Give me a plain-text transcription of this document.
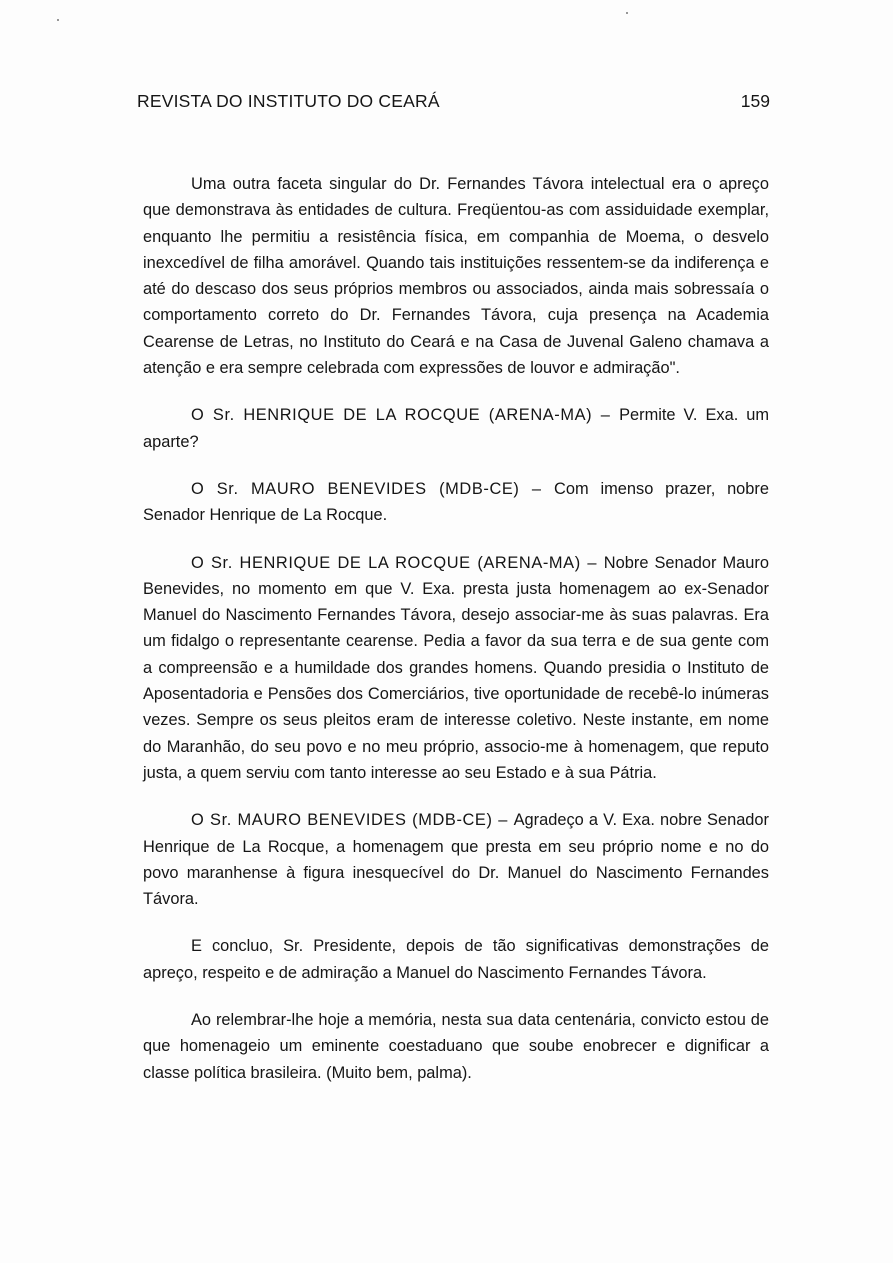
REVISTA DO INSTITUTO DO CEARÁ	159

Uma outra faceta singular do Dr. Fernandes Távora intelectual era o apreço que demonstrava às entidades de cultura. Freqüentou-as com assiduidade exemplar, enquanto lhe permitiu a resistência física, em companhia de Moema, o desvelo inexcedível de filha amorável. Quando tais instituições ressentem-se da indiferença e até do descaso dos seus próprios membros ou associados, ainda mais sobressaía o comportamento correto do Dr. Fernandes Távora, cuja presença na Academia Cearense de Letras, no Instituto do Ceará e na Casa de Juvenal Galeno chamava a atenção e era sempre celebrada com expressões de louvor e admiração".

O Sr. HENRIQUE DE LA ROCQUE (ARENA-MA) – Permite V. Exa. um aparte?

O Sr. MAURO BENEVIDES (MDB-CE) – Com imenso prazer, nobre Senador Henrique de La Rocque.

O Sr. HENRIQUE DE LA ROCQUE (ARENA-MA) – Nobre Senador Mauro Benevides, no momento em que V. Exa. presta justa homenagem ao ex-Senador Manuel do Nascimento Fernandes Távora, desejo associar-me às suas palavras. Era um fidalgo o representante cearense. Pedia a favor da sua terra e de sua gente com a compreensão e a humildade dos grandes homens. Quando presidia o Instituto de Aposentadoria e Pensões dos Comerciários, tive oportunidade de recebê-lo inúmeras vezes. Sempre os seus pleitos eram de interesse coletivo. Neste instante, em nome do Maranhão, do seu povo e no meu próprio, associo-me à homenagem, que reputo justa, a quem serviu com tanto interesse ao seu Estado e à sua Pátria.

O Sr. MAURO BENEVIDES (MDB-CE) – Agradeço a V. Exa. nobre Senador Henrique de La Rocque, a homenagem que presta em seu próprio nome e no do povo maranhense à figura inesquecível do Dr. Manuel do Nascimento Fernandes Távora.

E concluo, Sr. Presidente, depois de tão significativas demonstrações de apreço, respeito e de admiração a Manuel do Nascimento Fernandes Távora.

Ao relembrar-lhe hoje a memória, nesta sua data centenária, convicto estou de que homenageio um eminente coestaduano que soube enobrecer e dignificar a classe política brasileira. (Muito bem, palma).
